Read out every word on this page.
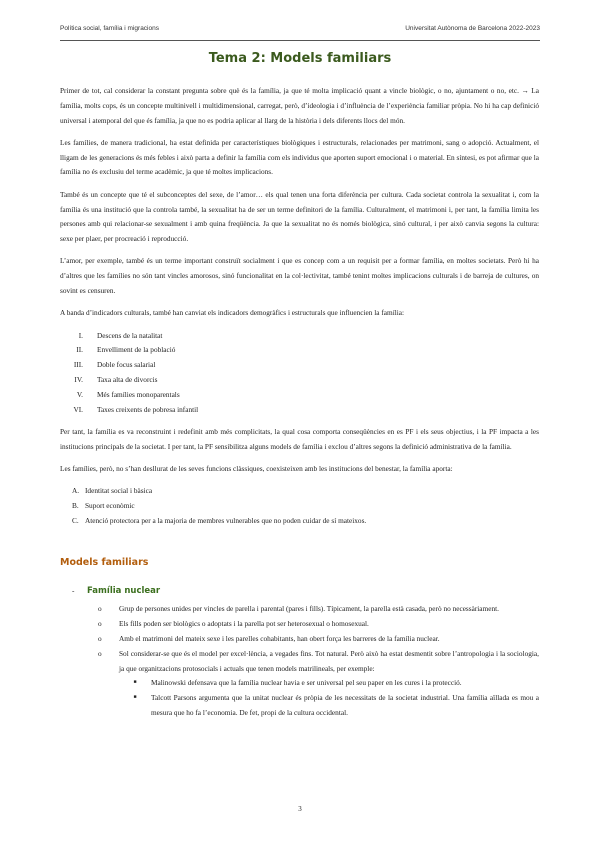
Política social, família i migracions	Universitat Autònoma de Barcelona 2022-2023
Tema 2: Models familiars

Primer de tot, cal considerar la constant pregunta sobre què és la família, ja que té molta implicació quant a vincle biològic, o no, ajuntament o no, etc. → La família, molts cops, és un concepte multinivell i multidimensional, carregat, però, d’ideologia i d’influència de l’experiència familiar pròpia. No hi ha cap definició universal i atemporal del que és família, ja que no es podria aplicar al llarg de la història i dels diferents llocs del món.

Les famílies, de manera tradicional, ha estat definida per característiques biològiques i estructurals, relacionades per matrimoni, sang o adopció. Actualment, el lligam de les generacions és més febles i això parta a definir la família com els individus que aporten suport emocional i o material. En síntesi, es pot afirmar que la família no és exclusiu del terme acadèmic, ja que té moltes implicacions.

També és un concepte que té el subconceptes del sexe, de l’amor… els qual tenen una forta diferència per cultura. Cada societat controla la sexualitat i, com la família és una institució que la controla també, la sexualitat ha de ser un terme definitori de la família. Culturalment, el matrimoni i, per tant, la família limita les persones amb qui relacionar-se sexualment i amb quina freqüència. Ja que la sexualitat no és només biològica, sinó cultural, i per això canvia segons la cultura: sexe per plaer, per procreació i reproducció.

L’amor, per exemple, també és un terme important construït socialment i que es concep com a un requisit per a formar família, en moltes societats. Però hi ha d’altres que les famílies no són tant vincles amorosos, sinó funcionalitat en la col·lectivitat, també tenint moltes implicacions culturals i de barreja de cultures, on sovint es censuren.

A banda d’indicadors culturals, també han canviat els indicadors demogràfics i estructurals que influencien la família:

I.	Descens de la natalitat
II.	Envelliment de la població
III.	Doble focus salarial
IV.	Taxa alta de divorcis
V.	Més famílies monoparentals
VI.	Taxes creixents de pobresa infantil

Per tant, la família es va reconstruint i redefinit amb més complicitats, la qual cosa comporta conseqüències en es PF i els seus objectius, i la PF impacta a les institucions principals de la societat. I per tant, la PF sensibilitza alguns models de família i exclou d’altres segons la definició administrativa de la família.

Les famílies, però, no s’han desllurat de les seves funcions clàssiques, coexisteixen amb les institucions del benestar, la família aporta:

A. Identitat social i bàsica
B. Suport econòmic
C. Atenció protectora per a la majoria de membres vulnerables que no poden cuidar de sí mateixos.
Models familiars
-	Família nuclear
o	Grup de persones unides per vincles de parella i parental (pares i fills). Típicament, la parella està casada, però no necessàriament.
o	Els fills poden ser biològics o adoptats i la parella pot ser heterosexual o homosexual.
o	Amb el matrimoni del mateix sexe i les parelles cohabitants, han obert força les barreres de la família nuclear.
o	Sol considerar-se que és el model per excel·lència, a vegades fins. Tot natural. Però això ha estat desmentit sobre l’antropologia i la sociologia, ja que organitzacions protosocials i actuals que tenen models matrilineals, per exemple:
■	Malinowski defensava que la família nuclear havia e ser universal pel seu paper en les cures i la protecció.
■	Talcott Parsons argumenta que la unitat nuclear és pròpia de les necessitats de la societat industrial. Una família aïllada es mou a mesura que ho fa l’economia. De fet, propi de la cultura occidental.
3
